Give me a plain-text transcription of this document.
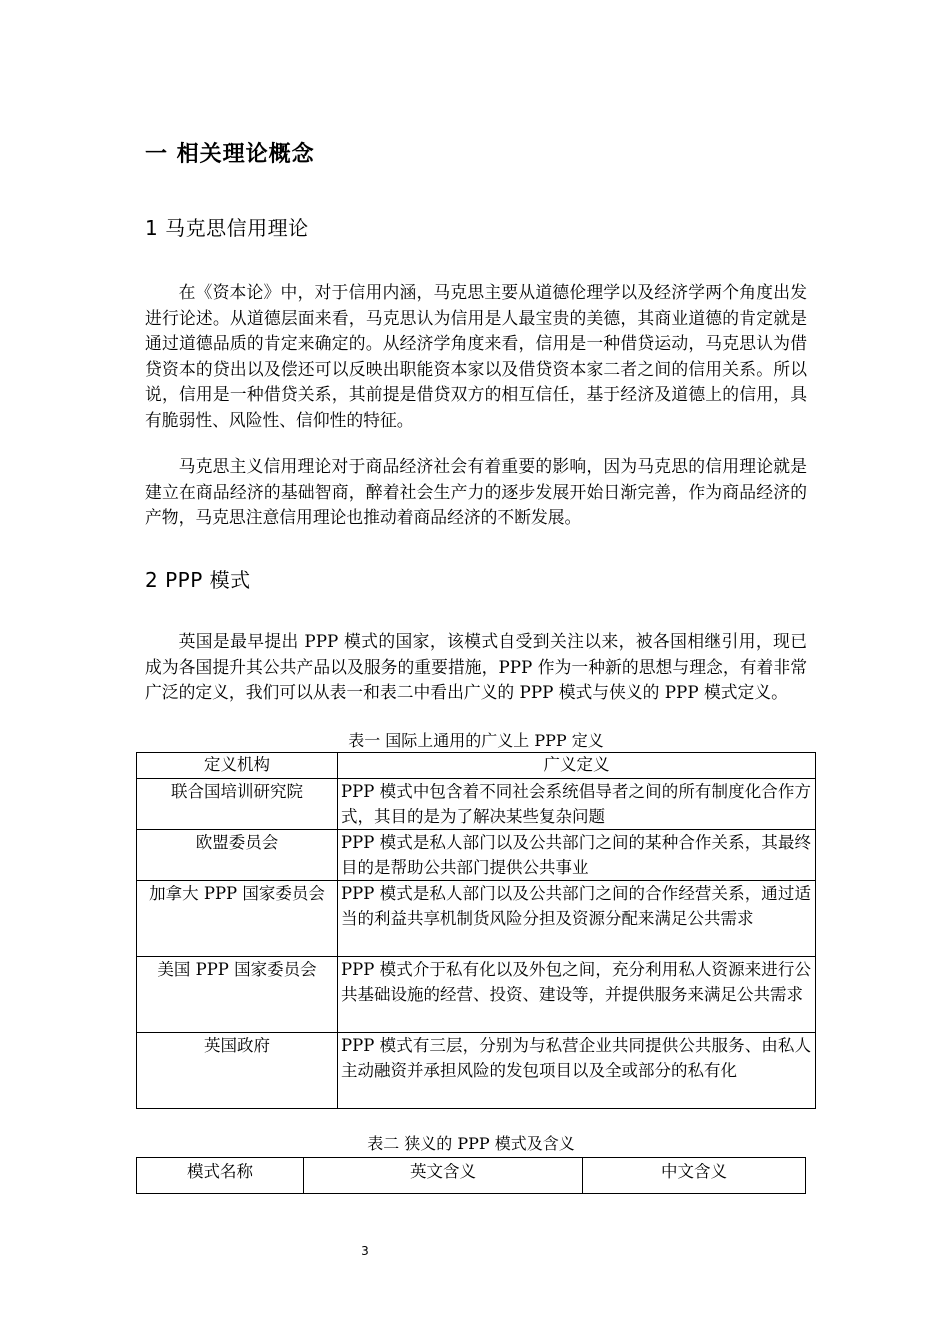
一 相关理论概念
1 马克思信用理论

在《资本论》中，对于信用内涵，马克思主要从道德伦理学以及经济学两个角度出发进行论述。从道德层面来看，马克思认为信用是人最宝贵的美德，其商业道德的肯定就是通过道德品质的肯定来确定的。从经济学角度来看，信用是一种借贷运动，马克思认为借贷资本的贷出以及偿还可以反映出职能资本家以及借贷资本家二者之间的信用关系。所以说，信用是一种借贷关系，其前提是借贷双方的相互信任，基于经济及道德上的信用，具有脆弱性、风险性、信仰性的特征。

马克思主义信用理论对于商品经济社会有着重要的影响，因为马克思的信用理论就是建立在商品经济的基础智商，醉着社会生产力的逐步发展开始日渐完善，作为商品经济的产物，马克思注意信用理论也推动着商品经济的不断发展。

2 PPP 模式

英国是最早提出 PPP 模式的国家，该模式自受到关注以来，被各国相继引用，现已成为各国提升其公共产品以及服务的重要措施，PPP 作为一种新的思想与理念，有着非常广泛的定义，我们可以从表一和表二中看出广义的 PPP 模式与侠义的 PPP 模式定义。

表一 国际上通用的广义上 PPP 定义
定义机构	广义定义
联合国培训研究院	PPP 模式中包含着不同社会系统倡导者之间的所有制度化合作方式，其目的是为了解决某些复杂问题
欧盟委员会	PPP 模式是私人部门以及公共部门之间的某种合作关系，其最终目的是帮助公共部门提供公共事业
加拿大 PPP 国家委员会	PPP 模式是私人部门以及公共部门之间的合作经营关系，通过适当的利益共享机制货风险分担及资源分配来满足公共需求
美国 PPP 国家委员会	PPP 模式介于私有化以及外包之间，充分利用私人资源来进行公共基础设施的经营、投资、建设等，并提供服务来满足公共需求
英国政府	PPP 模式有三层，分别为与私营企业共同提供公共服务、由私人主动融资并承担风险的发包项目以及全或部分的私有化
表二 狭义的 PPP 模式及含义
模式名称	英文含义	中文含义
3
